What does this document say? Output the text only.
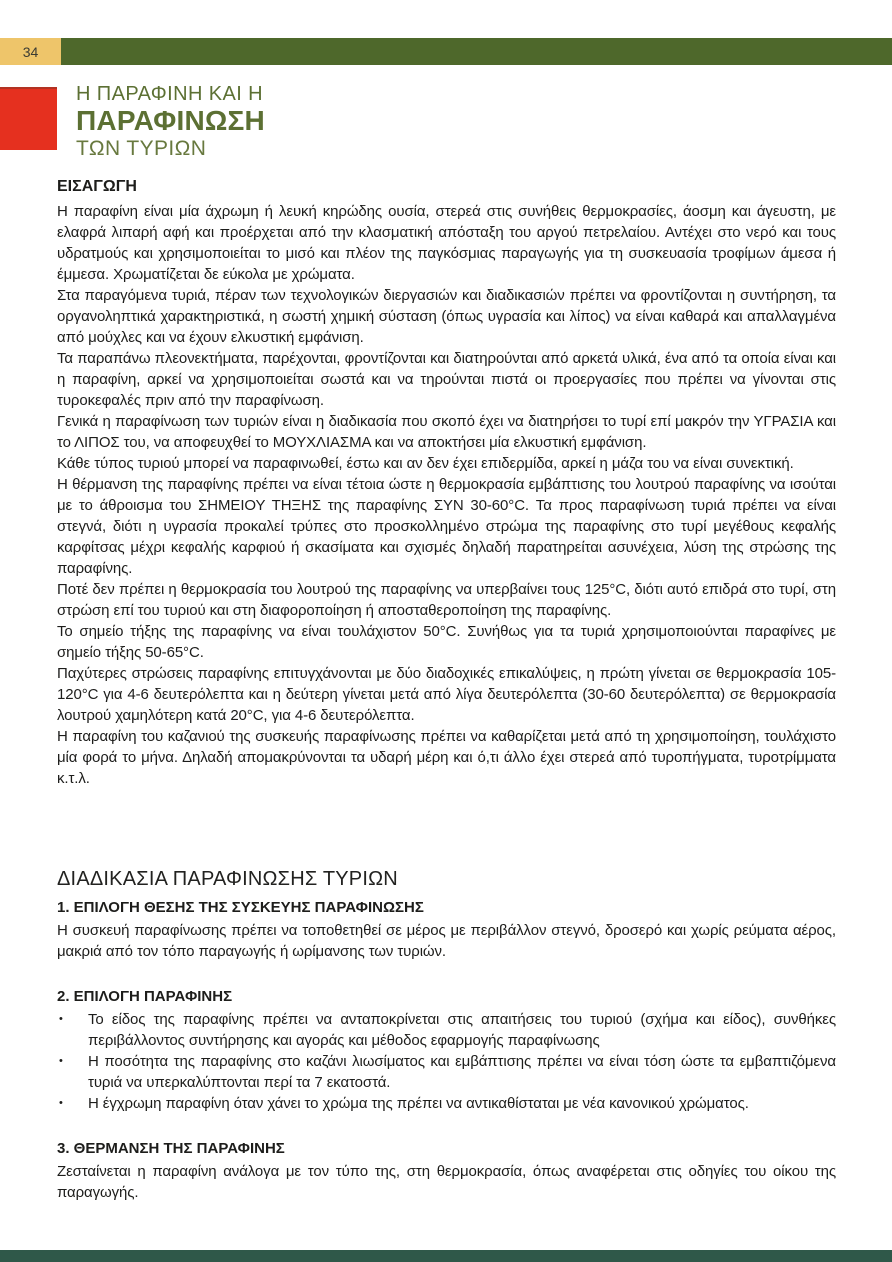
34
Η ΠΑΡΑΦΙΝΗ ΚΑΙ Η
ΠΑΡΑΦΙΝΩΣΗ
ΤΩΝ ΤΥΡΙΩΝ
ΕΙΣΑΓΩΓΗ

Η παραφίνη είναι μία άχρωμη ή λευκή κηρώδης ουσία, στερεά στις συνήθεις θερμοκρασίες, άοσμη και άγευστη, με ελαφρά λιπαρή αφή και προέρχεται από την κλασματική απόσταξη του αργού πετρελαίου. Αντέχει στο νερό και τους υδρατμούς και χρησιμοποιείται το μισό και πλέον της παγκόσμιας παραγωγής για τη συσκευασία τροφίμων άμεσα ή έμμεσα. Χρωματίζεται δε εύκολα με χρώματα.

Στα παραγόμενα τυριά, πέραν των τεχνολογικών διεργασιών και διαδικασιών πρέπει να φροντίζονται η συντήρηση, τα οργανοληπτικά χαρακτηριστικά, η σωστή χημική σύσταση (όπως υγρασία και λίπος) να είναι καθαρά και απαλλαγμένα από μούχλες και να έχουν ελκυστική εμφάνιση.

Τα παραπάνω πλεονεκτήματα, παρέχονται, φροντίζονται και διατηρούνται από αρκετά υλικά, ένα από τα οποία είναι και η παραφίνη, αρκεί να χρησιμοποιείται σωστά και να τηρούνται πιστά οι προεργασίες που πρέπει να γίνονται στις τυροκεφαλές πριν από την παραφίνωση.

Γενικά η παραφίνωση των τυριών είναι η διαδικασία που σκοπό έχει να διατηρήσει το τυρί επί μακρόν την ΥΓΡΑΣΙΑ και το ΛΙΠΟΣ του, να αποφευχθεί το ΜΟΥΧΛΙΑΣΜΑ και να αποκτήσει μία ελκυστική εμφάνιση.

Κάθε τύπος τυριού μπορεί να παραφινωθεί, έστω και αν δεν έχει επιδερμίδα, αρκεί η μάζα του να είναι συνεκτική.

Η θέρμανση της παραφίνης πρέπει να είναι τέτοια ώστε η θερμοκρασία εμβάπτισης του λουτρού παραφίνης να ισούται με το άθροισμα του ΣΗΜΕΙΟΥ ΤΗΞΗΣ της παραφίνης ΣΥΝ 30-60°C. Τα προς παραφίνωση τυριά πρέπει να είναι στεγνά, διότι η υγρασία προκαλεί τρύπες στο προσκολλημένο στρώμα της παραφίνης στο τυρί μεγέθους κεφαλής καρφίτσας μέχρι κεφαλής καρφιού ή σκασίματα και σχισμές δηλαδή παρατηρείται ασυνέχεια, λύση της στρώσης της παραφίνης.

Ποτέ δεν πρέπει η θερμοκρασία του λουτρού της παραφίνης να υπερβαίνει τους 125°C, διότι αυτό επιδρά στο τυρί, στη στρώση επί του τυριού και στη διαφοροποίηση ή αποσταθεροποίηση της παραφίνης.

Το σημείο τήξης της παραφίνης να είναι τουλάχιστον 50°C. Συνήθως για τα τυριά χρησιμοποιούνται παραφίνες με σημείο τήξης 50-65°C.

Παχύτερες στρώσεις παραφίνης επιτυγχάνονται με δύο διαδοχικές επικαλύψεις, η πρώτη γίνεται σε θερμοκρασία 105-120°C για 4-6 δευτερόλεπτα και η δεύτερη γίνεται μετά από λίγα δευτερόλεπτα (30-60 δευτερόλεπτα) σε θερμοκρασία λουτρού χαμηλότερη κατά 20°C, για 4-6 δευτερόλεπτα.

Η παραφίνη του καζανιού της συσκευής παραφίνωσης πρέπει να καθαρίζεται μετά από τη χρησιμοποίηση, τουλάχιστο μία φορά το μήνα. Δηλαδή απομακρύνονται τα υδαρή μέρη και ό,τι άλλο έχει στερεά από τυροπήγματα, τυροτρίμματα κ.τ.λ.

ΔΙΑΔΙΚΑΣΙΑ ΠΑΡΑΦΙΝΩΣΗΣ ΤΥΡΙΩΝ
1. ΕΠΙΛΟΓΗ ΘΕΣΗΣ ΤΗΣ ΣΥΣΚΕΥΗΣ ΠΑΡΑΦΙΝΩΣΗΣ

Η συσκευή παραφίνωσης πρέπει να τοποθετηθεί σε μέρος με περιβάλλον στεγνό, δροσερό και χωρίς ρεύματα αέρος, μακριά από τον τόπο παραγωγής ή ωρίμανσης των τυριών.

2. ΕΠΙΛΟΓΗ ΠΑΡΑΦΙΝΗΣ
• Το είδος της παραφίνης πρέπει να ανταποκρίνεται στις απαιτήσεις του τυριού (σχήμα και είδος), συνθήκες περιβάλλοντος συντήρησης και αγοράς και μέθοδος εφαρμογής παραφίνωσης
• Η ποσότητα της παραφίνης στο καζάνι λιωσίματος και εμβάπτισης πρέπει να είναι τόση ώστε τα εμβαπτιζόμενα τυριά να υπερκαλύπτονται περί τα 7 εκατοστά.
• Η έγχρωμη παραφίνη όταν χάνει το χρώμα της πρέπει να αντικαθίσταται με νέα κανονικού χρώματος.
3. ΘΕΡΜΑΝΣΗ ΤΗΣ ΠΑΡΑΦΙΝΗΣ

Ζεσταίνεται η παραφίνη ανάλογα με τον τύπο της, στη θερμοκρασία, όπως αναφέρεται στις οδηγίες του οίκου της παραγωγής.
